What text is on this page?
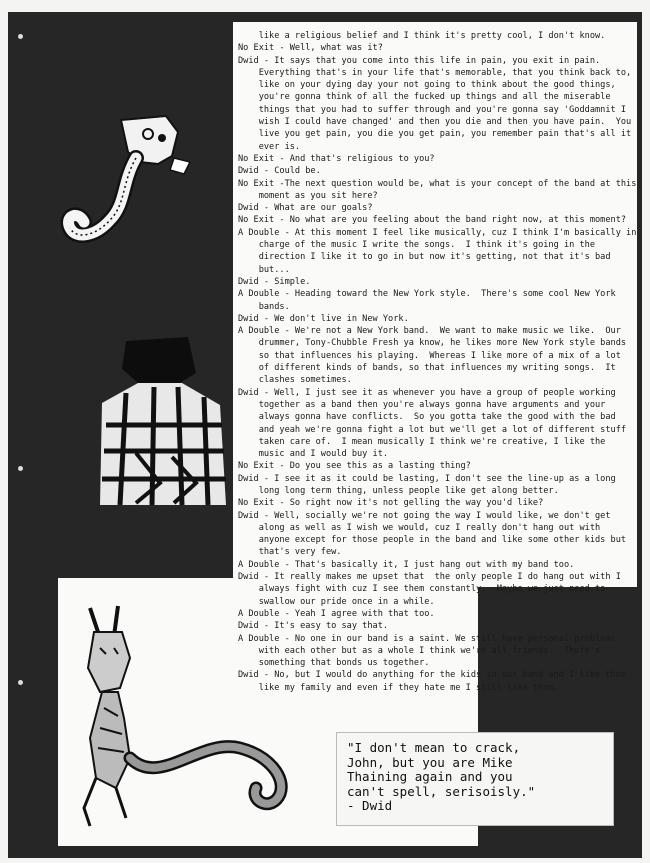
like a religious belief and I think it's pretty cool, I don't know.
No Exit - Well, what was it?
Dwid - It says that you come into this life in pain, you exit in pain.
Everything that's in your life that's memorable, that you think back to,
like on your dying day your not going to think about the good things,
you're gonna think of all the fucked up things and all the miserable
things that you had to suffer through and you're gonna say 'Goddamnit I
wish I could have changed' and then you die and then you have pain.  You
live you get pain, you die you get pain, you remember pain that's all it
ever is.
No Exit - And that's religious to you?
Dwid - Could be.
No Exit -The next question would be, what is your concept of the band at this
moment as you sit here?
Dwid - What are our goals?
No Exit - No what are you feeling about the band right now, at this moment?
A Double - At this moment I feel like musically, cuz I think I'm basically in
charge of the music I write the songs.  I think it's going in the
direction I like it to go in but now it's getting, not that it's bad
but...
Dwid - Simple.
A Double - Heading toward the New York style.  There's some cool New York
bands.
Dwid - We don't live in New York.
A Double - We're not a New York band.  We want to make music we like.  Our
drummer, Tony-Chubble Fresh ya know, he likes more New York style bands
so that influences his playing.  Whereas I like more of a mix of a lot
of different kinds of bands, so that influences my writing songs.  It
clashes sometimes.
Dwid - Well, I just see it as whenever you have a group of people working
together as a band then you're always gonna have arguments and your
always gonna have conflicts.  So you gotta take the good with the bad
and yeah we're gonna fight a lot but we'll get a lot of different stuff
taken care of.  I mean musically I think we're creative, I like the
music and I would buy it.
No Exit - Do you see this as a lasting thing?
Dwid - I see it as it could be lasting, I don't see the line-up as a long
long long term thing, unless people like get along better.
No Exit - So right now it's not gelling the way you'd like?
Dwid - Well, socially we're not going the way I would like, we don't get
along as well as I wish we would, cuz I really don't hang out with
anyone except for those people in the band and like some other kids but
that's very few.
A Double - That's basically it, I just hang out with my band too.
Dwid - It really makes me upset that  the only people I do hang out with I
always fight with cuz I see them constantly.  Maybe we just need to
swallow our pride once in a while.
A Double - Yeah I agree with that too.
Dwid - It's easy to say that.
A Double - No one in our band is a saint. We still have personal problems
with each other but as a whole I think we're all friends.  There's
something that bonds us together.
Dwid - No, but I would do anything for the kids in our band and I like them
like my family and even if they hate me I still like them.
"I don't mean to crack,
John, but you are Mike
Thaining again and you
can't spell, serisoisly."
- Dwid
